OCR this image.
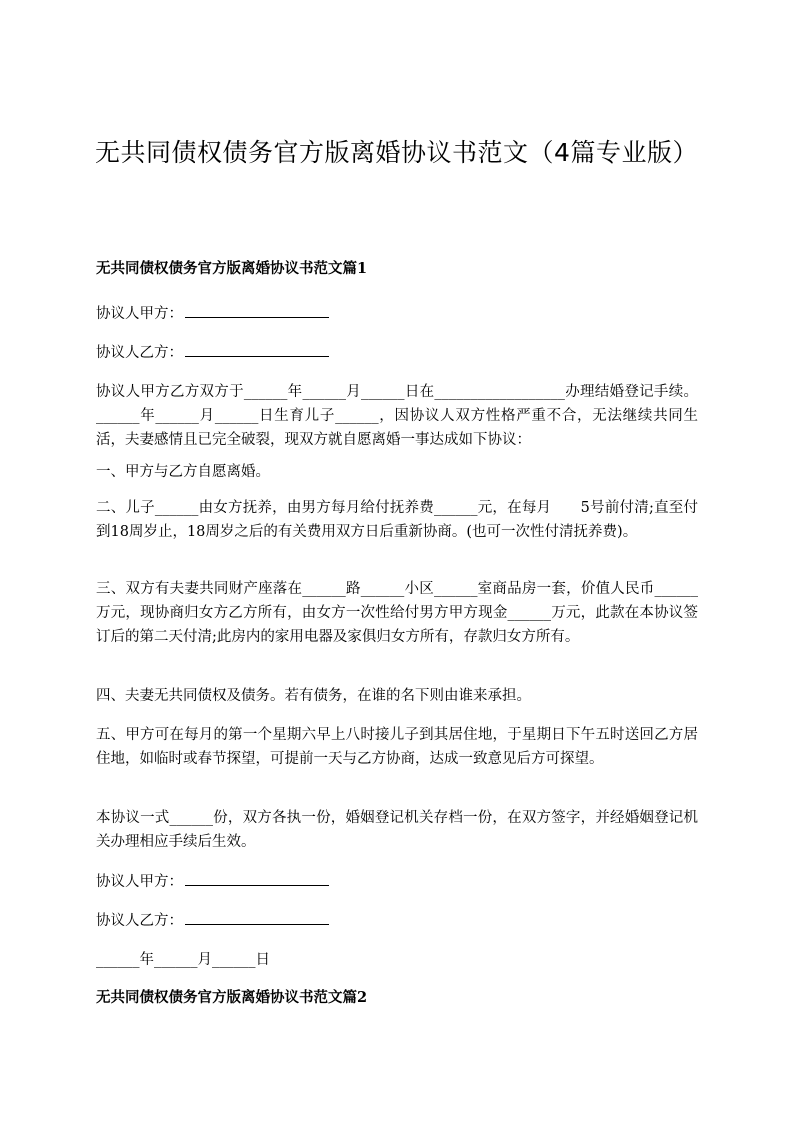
无共同债权债务官方版离婚协议书范文（4篇专业版）
无共同债权债务官方版离婚协议书范文篇1

协议人甲方：

协议人乙方：

协议人甲方乙方双方于______年______月______日在__________________办理结婚登记手续。______年______月______日生育儿子______，因协议人双方性格严重不合，无法继续共同生活，夫妻感情且已完全破裂，现双方就自愿离婚一事达成如下协议：

一、甲方与乙方自愿离婚。

二、儿子______由女方抚养，由男方每月给付抚养费______元，在每月　　5号前付清;直至付到18周岁止，18周岁之后的有关费用双方日后重新协商。(也可一次性付清抚养费)。

三、双方有夫妻共同财产座落在______路______小区______室商品房一套，价值人民币______万元，现协商归女方乙方所有，由女方一次性给付男方甲方现金______万元，此款在本协议签订后的第二天付清;此房内的家用电器及家俱归女方所有，存款归女方所有。

四、夫妻无共同债权及债务。若有债务，在谁的名下则由谁来承担。

五、甲方可在每月的第一个星期六早上八时接儿子到其居住地，于星期日下午五时送回乙方居住地，如临时或春节探望，可提前一天与乙方协商，达成一致意见后方可探望。

本协议一式______份，双方各执一份，婚姻登记机关存档一份，在双方签字，并经婚姻登记机关办理相应手续后生效。

协议人甲方：

协议人乙方：

______年______月______日

无共同债权债务官方版离婚协议书范文篇2
